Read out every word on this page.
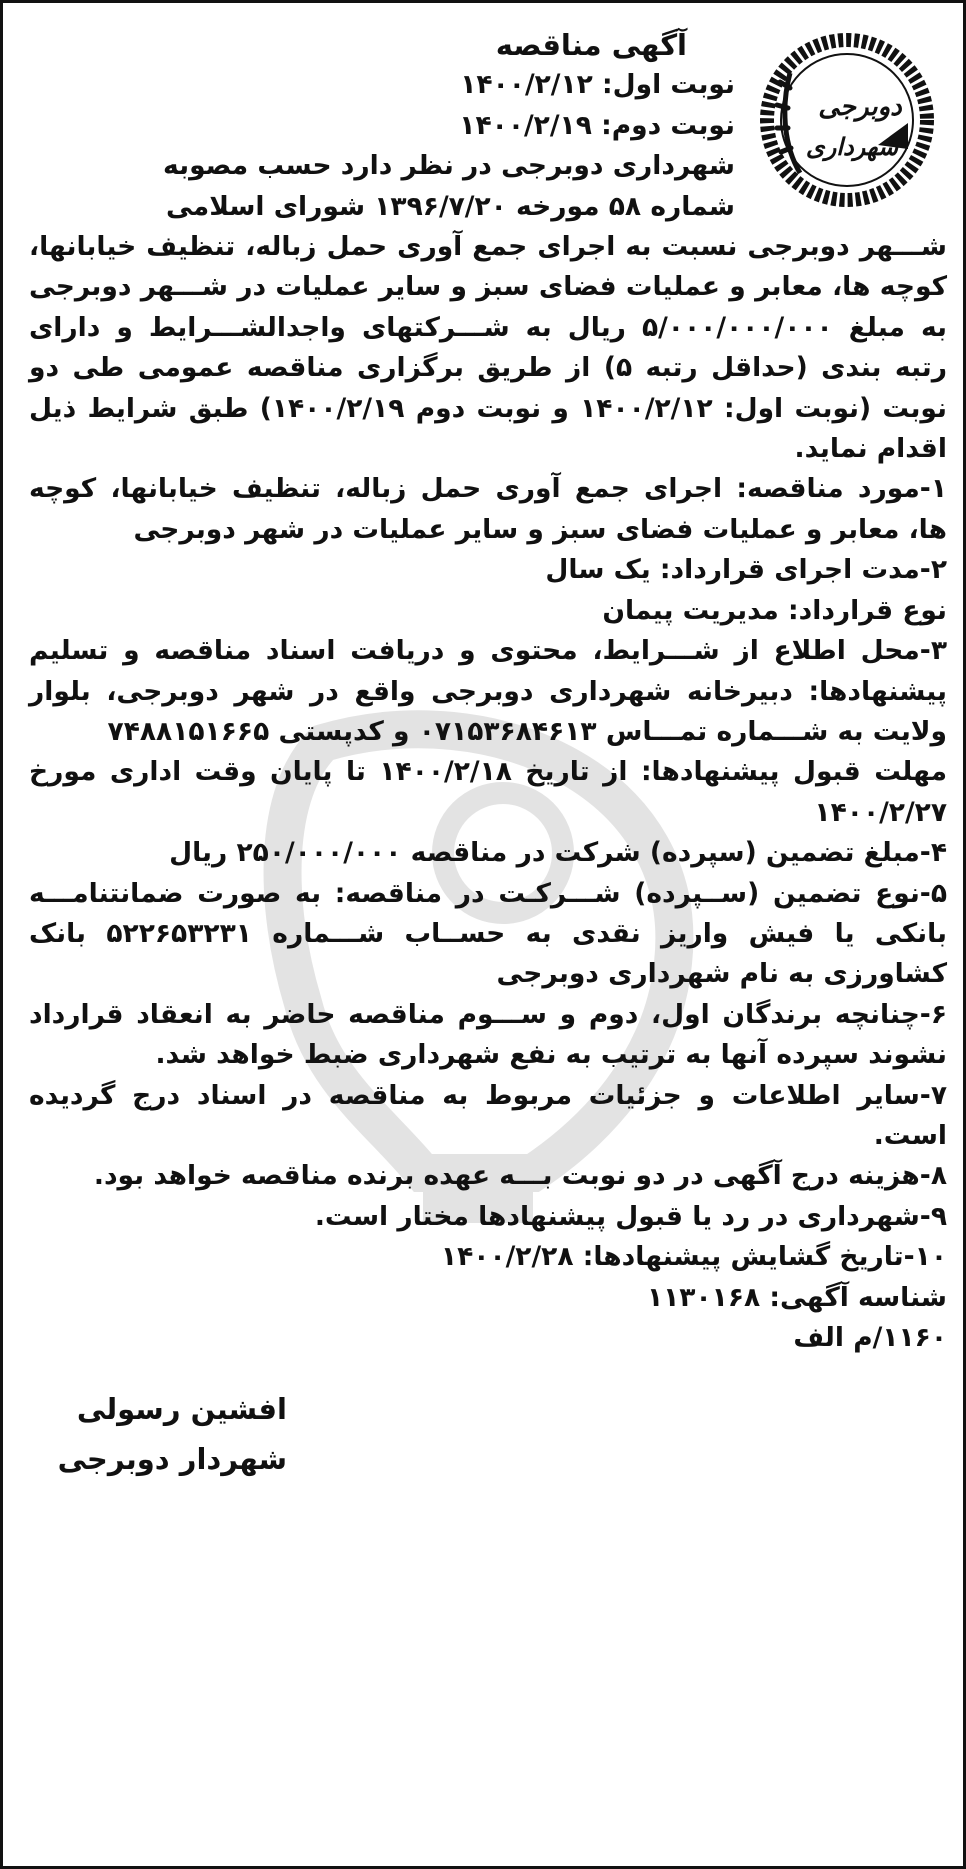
دوبرجی
شهرداری

آگهی مناقصه

نوبت اول: ۱۴۰۰/۲/۱۲

نوبت دوم: ۱۴۰۰/۲/۱۹

شهرداری دوبرجی در نظر دارد حسب مصوبه

شماره ۵۸ مورخه ۱۳۹۶/۷/۲۰ شورای اسلامی

شـــهر دوبرجی نسبت به اجرای جمع آوری حمل زباله، تنظیف خیابانها، کوچه ها، معابر و عملیات فضای سبز و سایر عملیات در شـــهر دوبرجی به مبلغ ۵/۰۰۰/۰۰۰/۰۰۰ ریال به شـــرکتهای واجدالشـــرایط و دارای رتبه بندی (حداقل رتبه ۵) از طریق برگزاری مناقصه عمومی طی دو نوبت (نوبت اول: ۱۴۰۰/۲/۱۲ و نوبت دوم ۱۴۰۰/۲/۱۹) طبق شرایط ذیل اقدام نماید.

۱-مورد مناقصه: اجرای جمع آوری حمل زباله، تنظیف خیابانها، کوچه ها، معابر و عملیات فضای سبز و سایر عملیات در شهر دوبرجی

۲-مدت اجرای قرارداد: یک سال

نوع قرارداد: مدیریت پیمان

۳-محل اطلاع از شـــرایط، محتوی و دریافت اسناد مناقصه و تسلیم پیشنهادها: دبیرخانه شهرداری دوبرجی واقع در شهر دوبرجی، بلوار ولایت به شـــماره تمـــاس ۰۷۱۵۳۶۸۴۶۱۳ و کدپستی ۷۴۸۸۱۵۱۶۶۵

مهلت قبول پیشنهادها: از تاریخ ۱۴۰۰/۲/۱۸ تا پایان وقت اداری مورخ ۱۴۰۰/۲/۲۷

۴-مبلغ تضمین (سپرده) شرکت در مناقصه ۲۵۰/۰۰۰/۰۰۰ ریال

۵-نوع تضمین (ســپرده) شـــرکـت در مناقصه: به صورت ضمانتنامـــه بانکی یا فیش واریز نقدی به حســاب شـــماره ۵۲۲۶۵۳۲۳۱ بانک کشاورزی به نام شهرداری دوبرجی

۶-چنانچه برندگان اول، دوم و ســـوم مناقصه حاضر به انعقاد قرارداد نشوند سپرده آنها به ترتیب به نفع شهرداری ضبط خواهد شد.

۷-سایر اطلاعات و جزئیات مربوط به مناقصه در اسناد درج گردیده است.

۸-هزینه درج آگهی در دو نوبت بـــه عهده برنده مناقصه خواهد بود.

۹-شهرداری در رد یا قبول پیشنهادها مختار است.

۱۰-تاریخ گشایش پیشنهادها: ۱۴۰۰/۲/۲۸

شناسه آگهی: ۱۱۳۰۱۶۸

۱۱۶۰/م الف

افشین رسولی

شهردار دوبرجی
